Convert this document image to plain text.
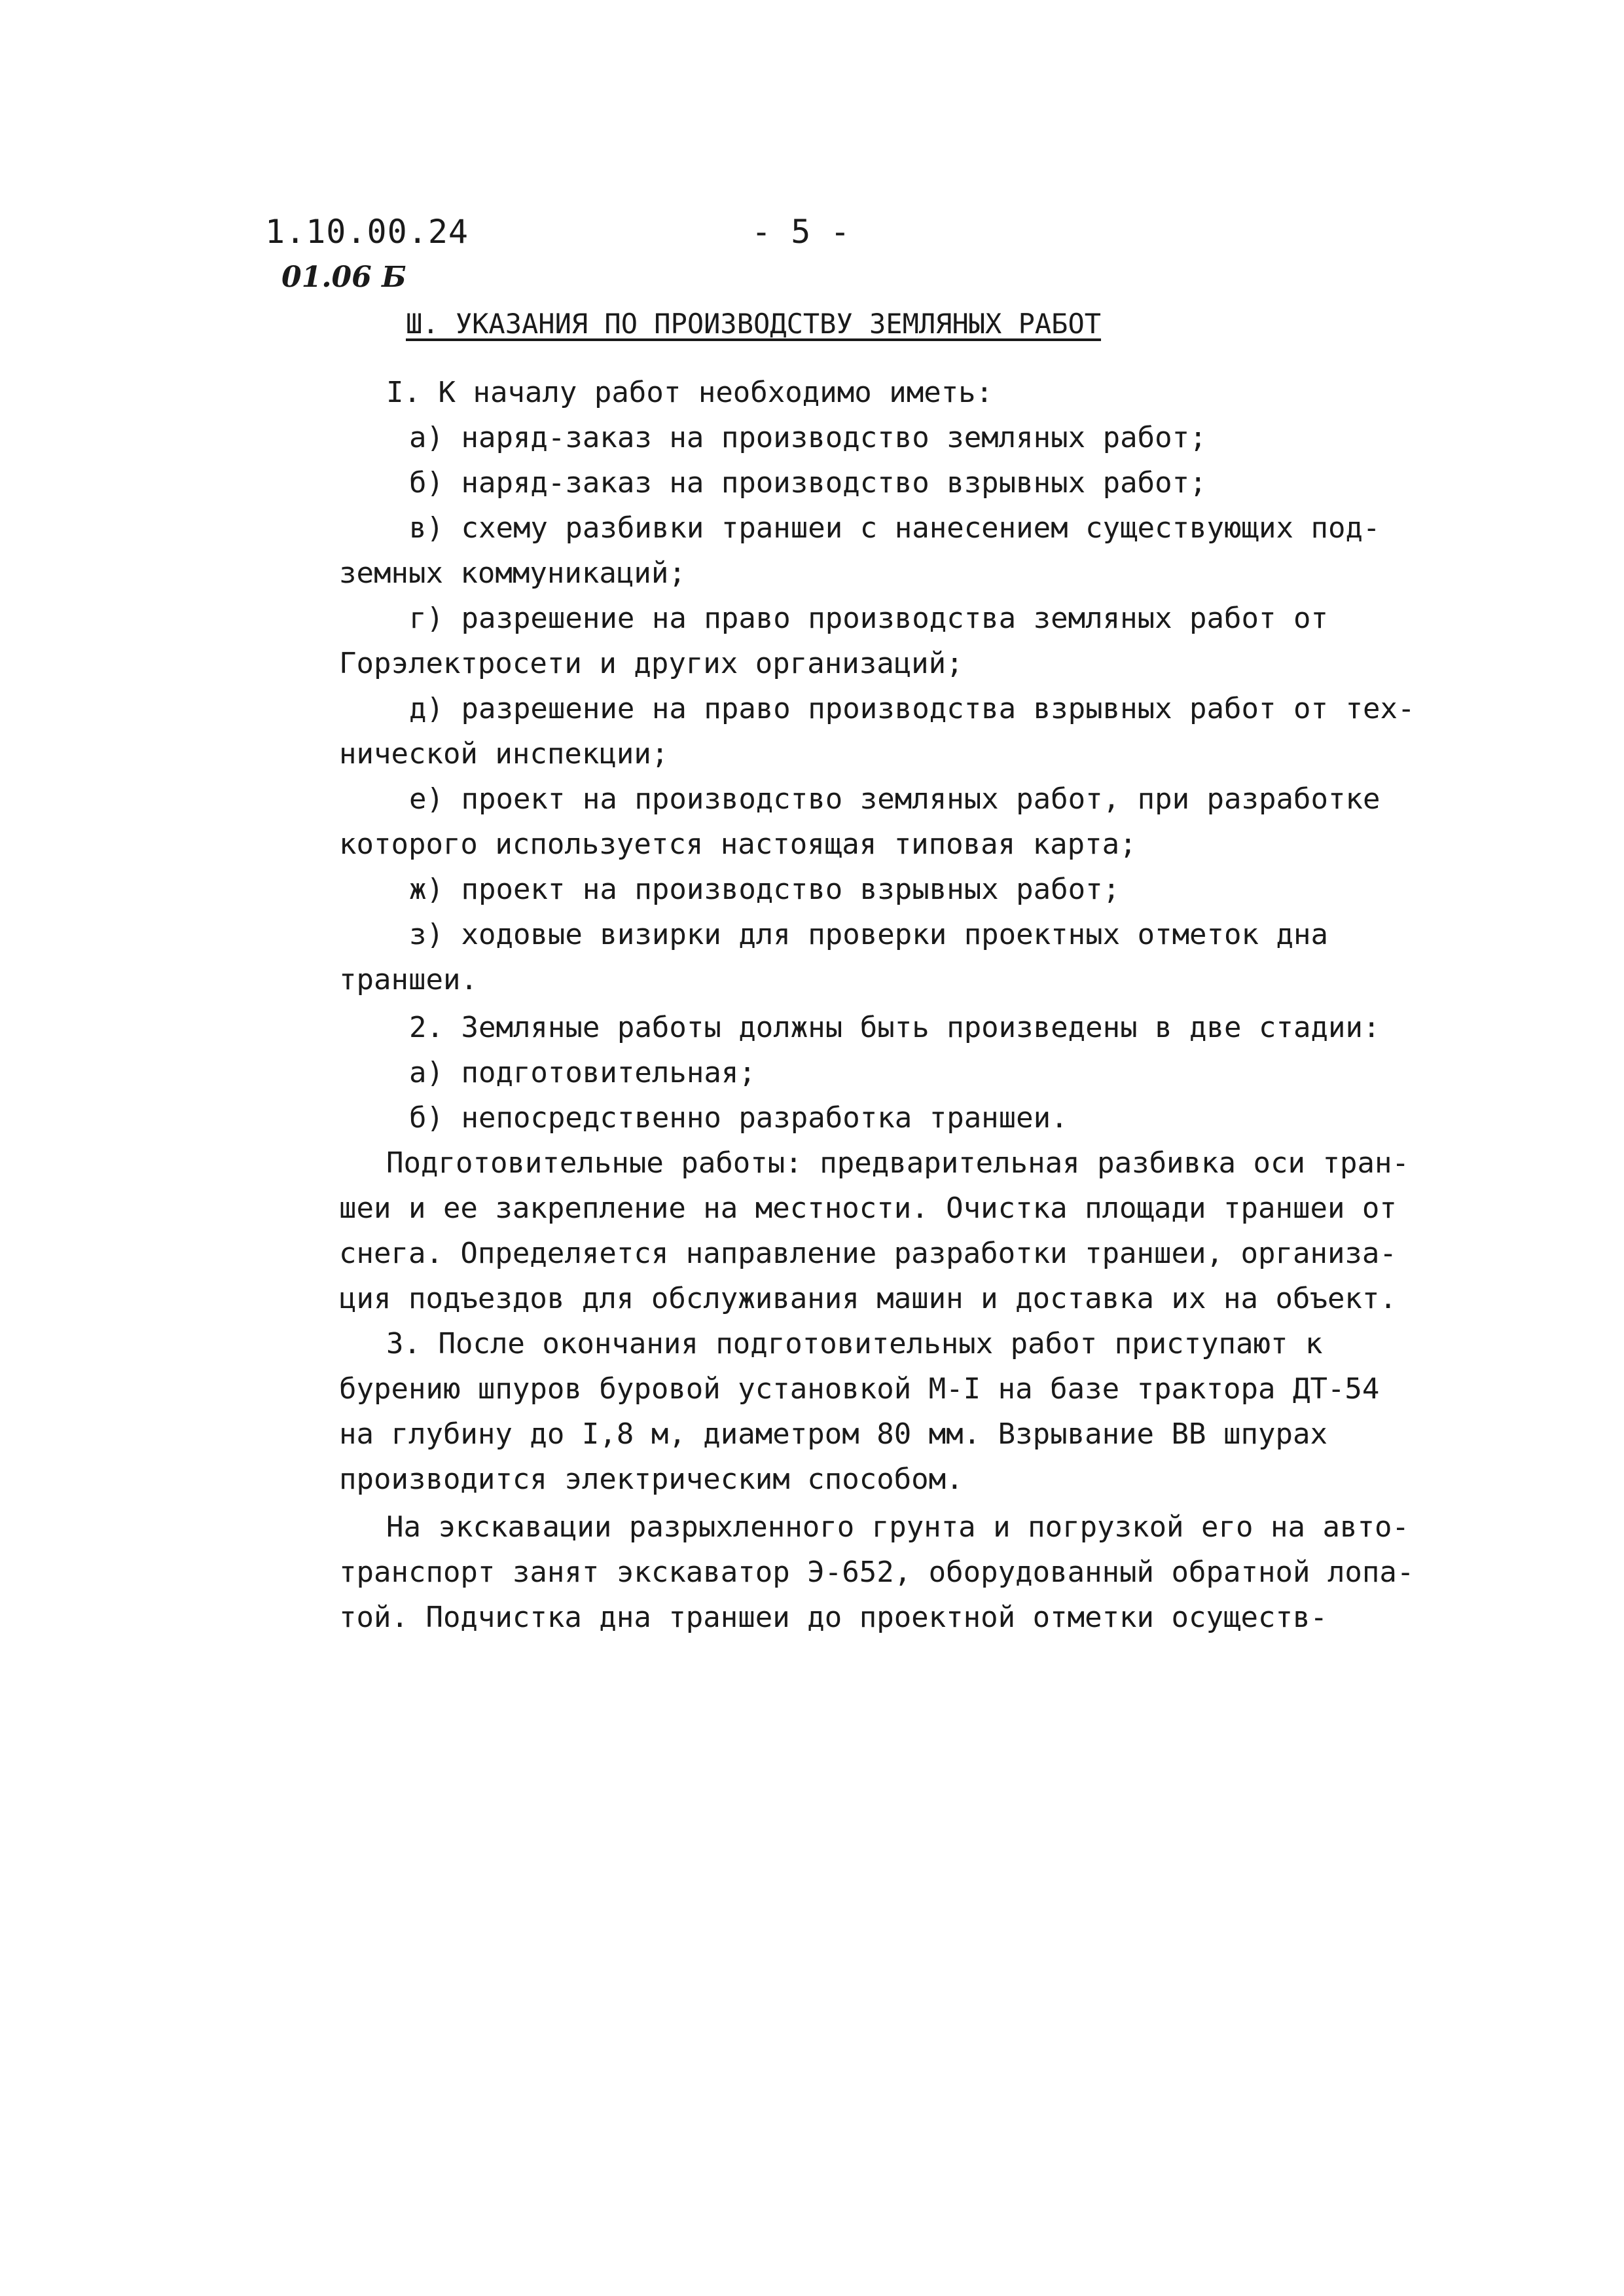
1.10.00.24
01.06 Б
- 5 -
Ш. УКАЗАНИЯ ПО ПРОИЗВОДСТВУ ЗЕМЛЯНЫХ РАБОТ

I. К началу работ необходимо иметь:

а) наряд-заказ на производство земляных работ;

б) наряд-заказ на производство взрывных работ;

в) схему разбивки траншеи с нанесением существующих под-

земных коммуникаций;

г) разрешение на право производства земляных работ от

Горэлектросети и других организаций;

д) разрешение на право производства взрывных работ от тех-

нической инспекции;

е) проект на производство земляных работ, при разработке

которого используется настоящая типовая карта;

ж) проект на производство взрывных работ;

з) ходовые визирки для проверки проектных отметок дна

траншеи.

2. Земляные работы должны быть произведены в две стадии:

а) подготовительная;

б) непосредственно разработка траншеи.

Подготовительные работы: предварительная разбивка оси тран-

шеи и ее закрепление на местности. Очистка площади траншеи от

снега. Определяется направление разработки траншеи, организа-

ция подъездов для обслуживания машин и доставка их на объект.

3. После окончания подготовительных работ приступают к

бурению шпуров буровой установкой М-I на базе трактора ДТ-54

на глубину до I,8 м, диаметром 80 мм. Взрывание ВВ шпурах

производится электрическим способом.

На экскавации разрыхленного грунта и погрузкой его на авто-

транспорт занят экскаватор Э-652, оборудованный обратной лопа-

той. Подчистка дна траншеи до проектной отметки осуществ-
